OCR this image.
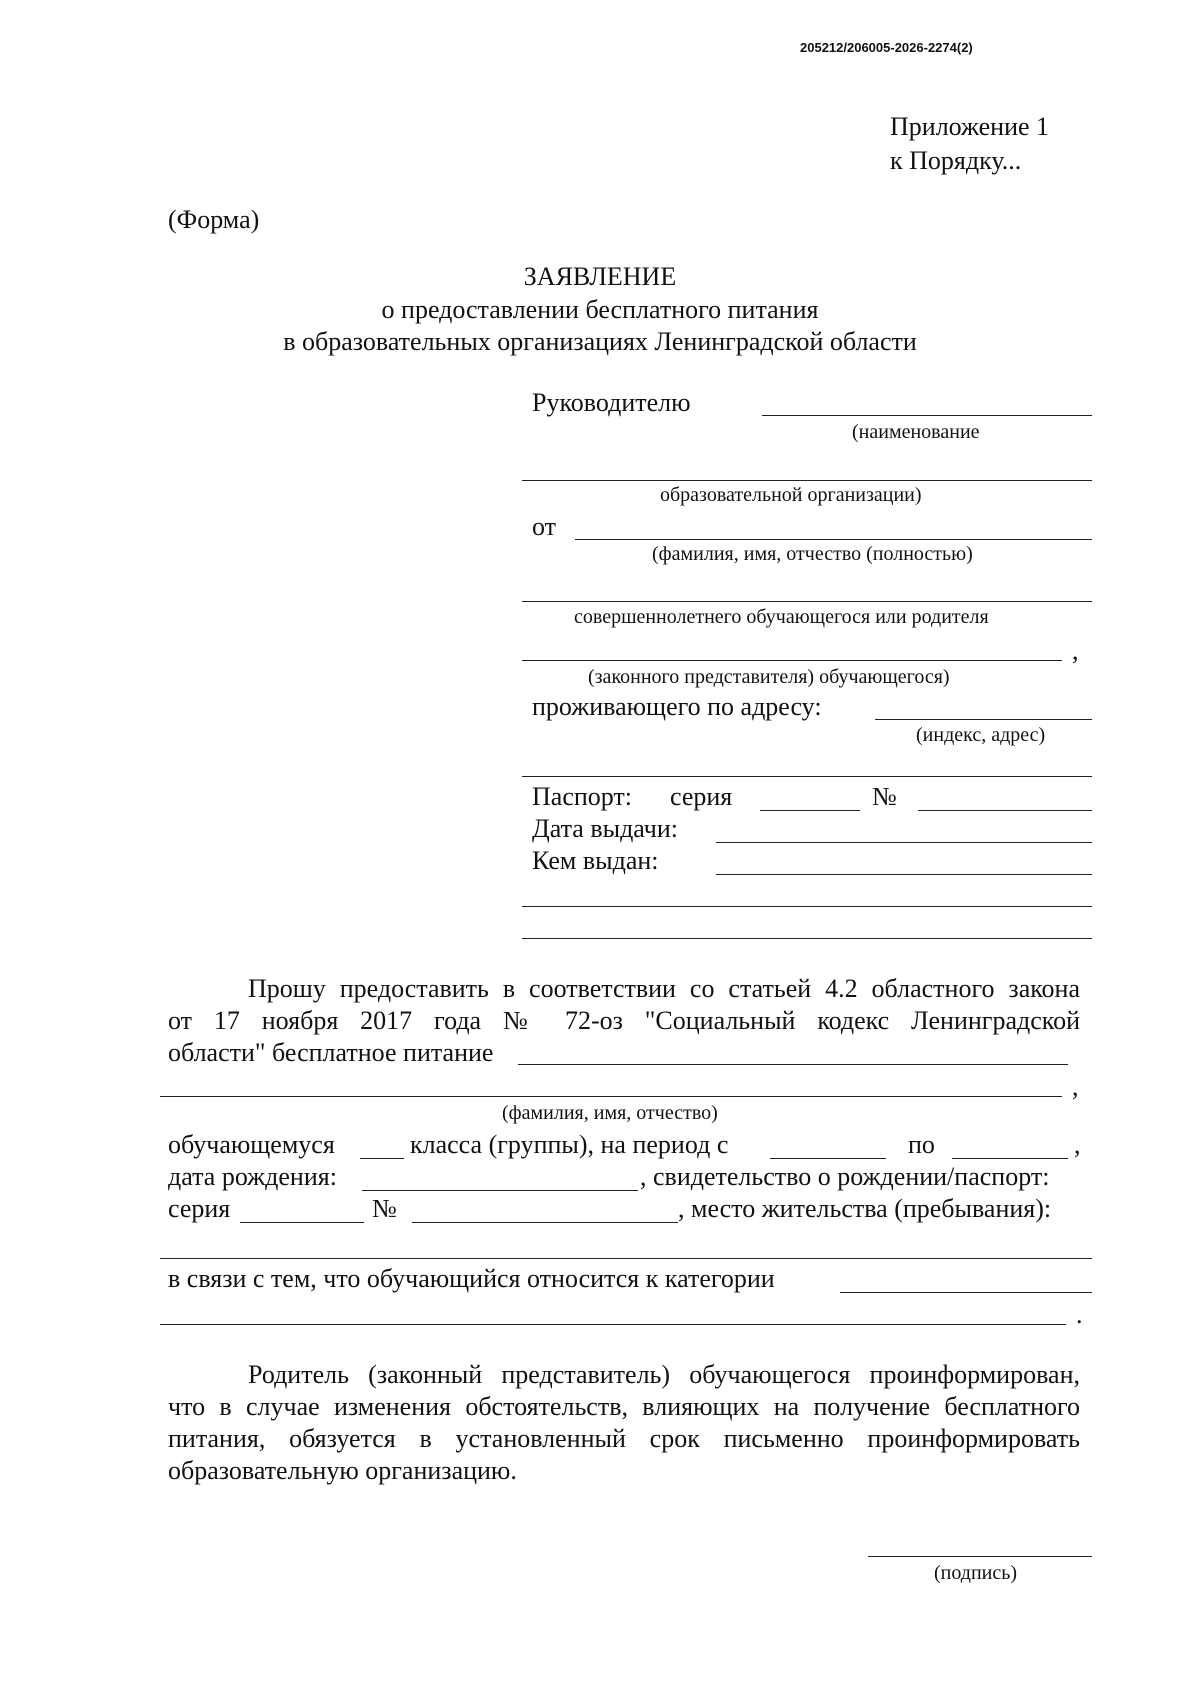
205212/206005-2026-2274(2)
Приложение 1
к Порядку...
(Форма)
ЗАЯВЛЕНИЕ
о предоставлении бесплатного питания
в образовательных организациях Ленинградской области
Руководителю
(наименование
образовательной организации)
от
(фамилия, имя, отчество (полностью)
совершеннолетнего обучающегося или родителя
,
(законного представителя) обучающегося)
проживающего по адресу:
(индекс, адрес)
Паспорт: серия	№
Дата выдачи:
Кем выдан:
Прошу предоставить в соответствии со статьей 4.2 областного закона
от 17 ноября 2017 года № 72-оз "Социальный кодекс Ленинградской
области" бесплатное питание
,
(фамилия, имя, отчество)
обучающемуся	класса (группы), на период с	по	,
дата рождения:	, свидетельство о рождении/паспорт:
серия	№	, место жительства (пребывания):
в связи с тем, что обучающийся относится к категории
.
Родитель (законный представитель) обучающегося проинформирован,
что в случае изменения обстоятельств, влияющих на получение бесплатного
питания, обязуется в установленный срок письменно проинформировать
образовательную организацию.
(подпись)
